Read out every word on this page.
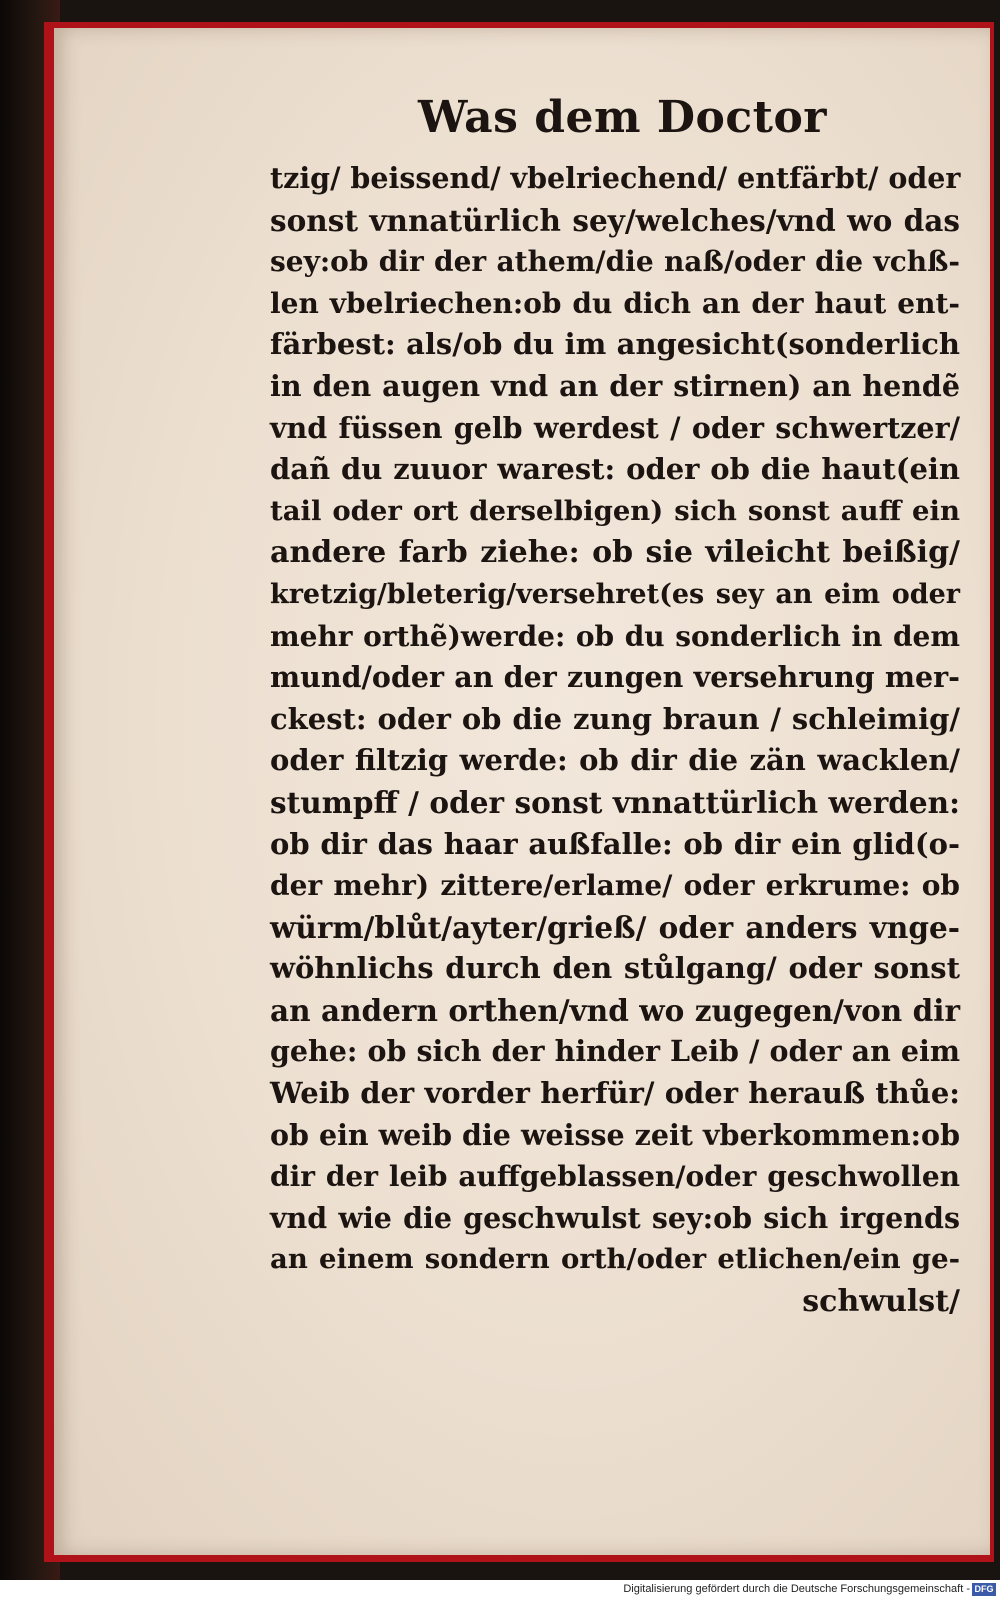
Was dem Doctor
tzig/ beissend/ vbelriechend/ entfärbt/ oder
sonst vnnatürlich sey/welches/vnd wo das
sey:ob dir der athem/die naß/oder die vchß-
len vbelriechen:ob du dich an der haut ent-
färbest: als/ob du im angesicht(sonderlich
in den augen vnd an der stirnen) an hendẽ
vnd füssen gelb werdest / oder schwertzer/
dañ du zuuor warest: oder ob die haut(ein
tail oder ort derselbigen) sich sonst auff ein
andere farb ziehe: ob sie vileicht beißig/
kretzig/bleterig/versehret(es sey an eim oder
mehr orthẽ)werde: ob du sonderlich in dem
mund/oder an der zungen versehrung mer-
ckest: oder ob die zung braun / schleimig/
oder filtzig werde: ob dir die zän wacklen/
stumpff / oder sonst vnnattürlich werden:
ob dir das haar außfalle: ob dir ein glid(o-
der mehr) zittere/erlame/ oder erkrume: ob
würm/blůt/ayter/grieß/ oder anders vnge-
wöhnlichs durch den stůlgang/ oder sonst
an andern orthen/vnd wo zugegen/von dir
gehe: ob sich der hinder Leib / oder an eim
Weib der vorder herfür/ oder herauß thůe:
ob ein weib die weisse zeit vberkommen:ob
dir der leib auffgeblassen/oder geschwollen
vnd wie die geschwulst sey:ob sich irgends
an einem sondern orth/oder etlichen/ein ge-
schwulst/
Digitalisierung gefördert durch die Deutsche Forschungsgemeinschaft - DFG
